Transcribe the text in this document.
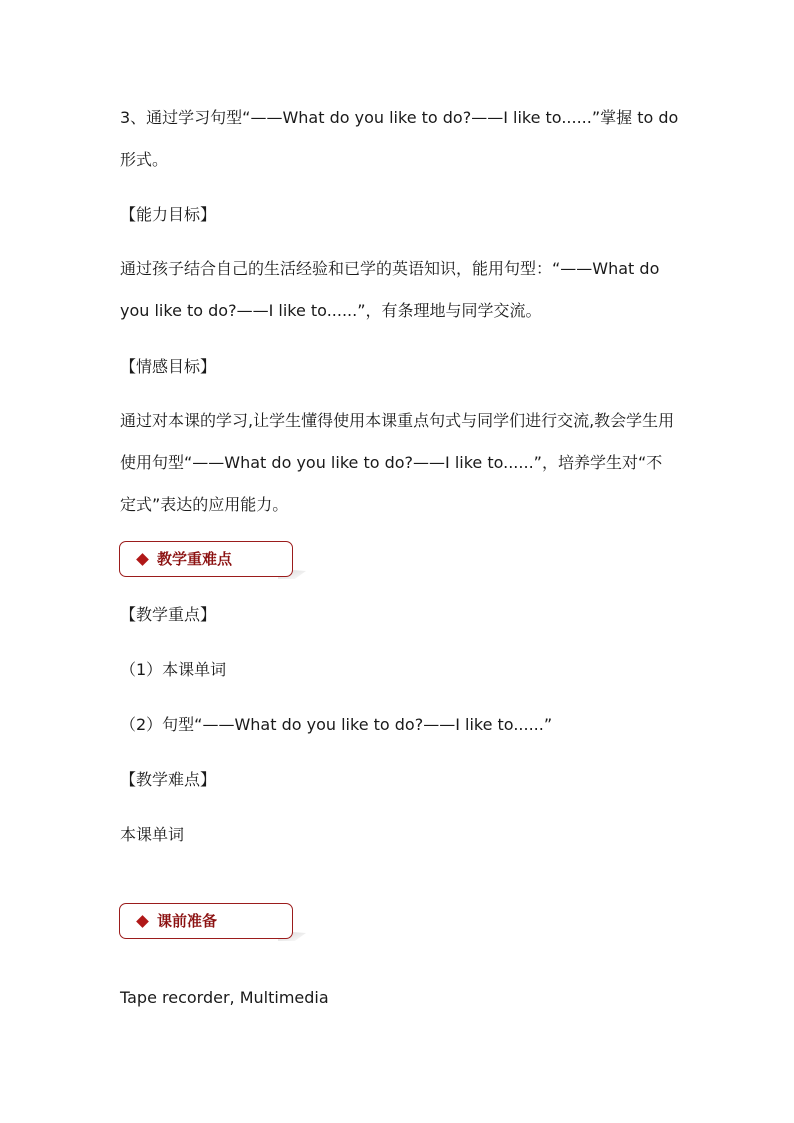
3、通过学习句型“——What do you like to do?——I like to......”掌握 to do
形式。
【能力目标】
通过孩子结合自己的生活经验和已学的英语知识，能用句型：“——What do
you like to do?——I like to......”，有条理地与同学交流。
【情感目标】
通过对本课的学习,让学生懂得使用本课重点句式与同学们进行交流,教会学生用
使用句型“——What do you like to do?——I like to......”，培养学生对“不
定式”表达的应用能力。
教学重难点
【教学重点】
（1）本课单词
（2）句型“——What do you like to do?——I like to......”
【教学难点】
本课单词
课前准备
Tape recorder, Multimedia
